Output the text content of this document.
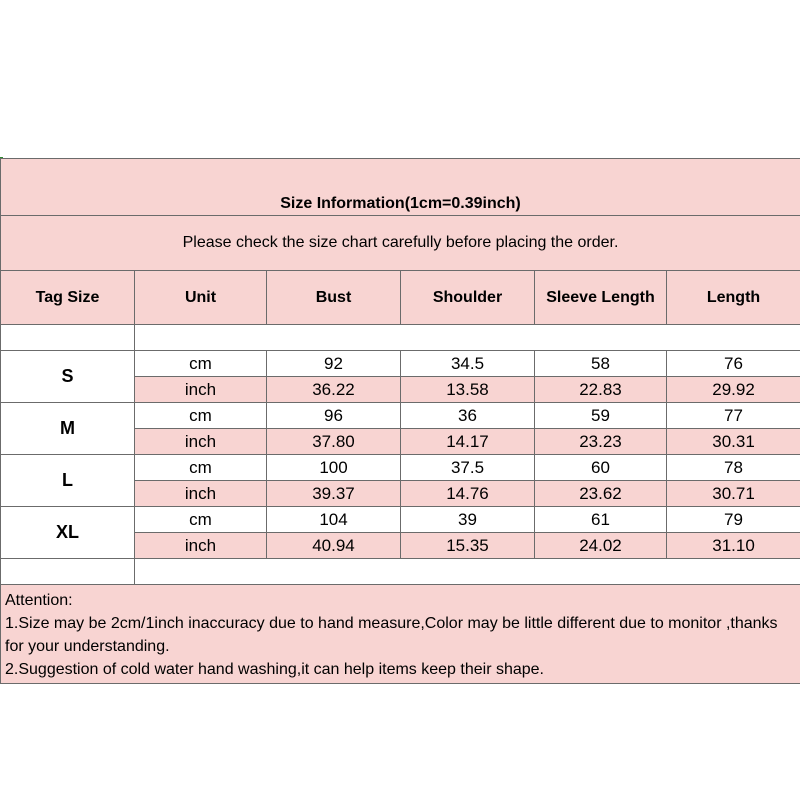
Size Information(1cm=0.39inch)					
Please check the size chart carefully before placing the order.					
Tag Size	Unit	Bust	Shoulder	Sleeve Length	Length

S	cm	92	34.5	58	76
	inch	36.22	13.58	22.83	29.92
M	cm	96	36	59	77
	inch	37.80	14.17	23.23	30.31
L	cm	100	37.5	60	78
	inch	39.37	14.76	23.62	30.71
XL	cm	104	39	61	79
	inch	40.94	15.35	24.02	31.10

Attention:
1.Size may be 2cm/1inch inaccuracy due to hand measure,Color may be little different due to monitor ,thanks for your understanding.
2.Suggestion of cold water hand washing,it can help items keep their shape.					
